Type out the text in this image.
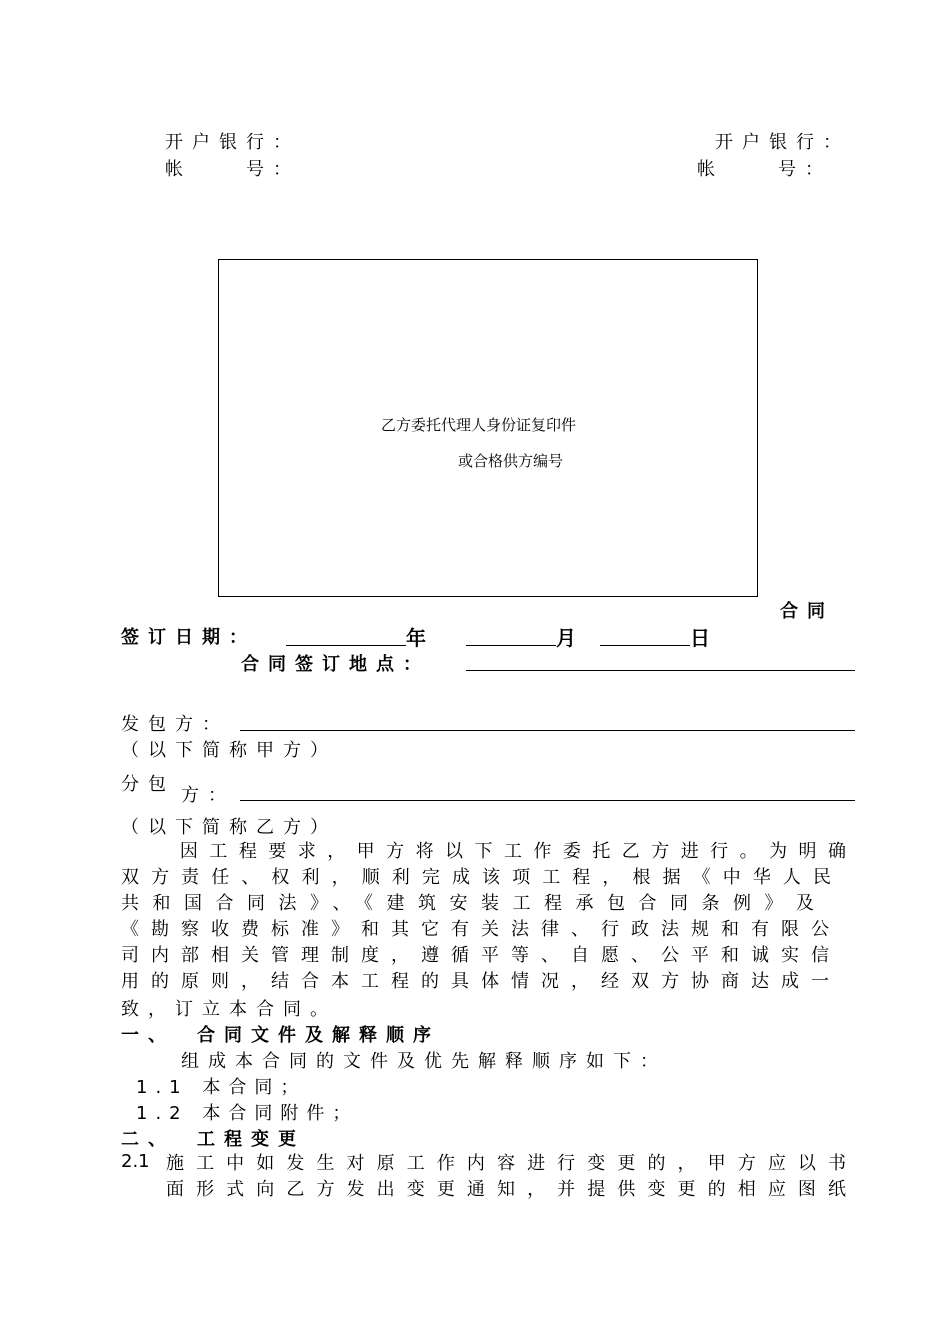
开户银行：
帐　　号：
开户银行：
帐　　号：
乙方委托代理人身份证复印件
或合格供方编号
合同
签订日期：	年	月	日
合同签订地点：
发包方：
（以下简称甲方）
分包
方：
（以下简称乙方）
　　因工程要求，甲方将以下工作委托乙方进行。为明确
双方责任、权利，顺利完成该项工程，根据《中华人民
共和国合同法》、《建筑安装工程承包合同条例》及
《勘察收费标准》和其它有关法律、行政法规和有限公
司内部相关管理制度，遵循平等、自愿、公平和诚实信
用的原则，结合本工程的具体情况，经双方协商达成一
致，订立本合同。
一、 合同文件及解释顺序
组成本合同的文件及优先解释顺序如下：
1.1 本合同；
1.2 本合同附件；
二、 工程变更
2.1 施工中如发生对原工作内容进行变更的，甲方应以书
面形式向乙方发出变更通知，并提供变更的相应图纸
